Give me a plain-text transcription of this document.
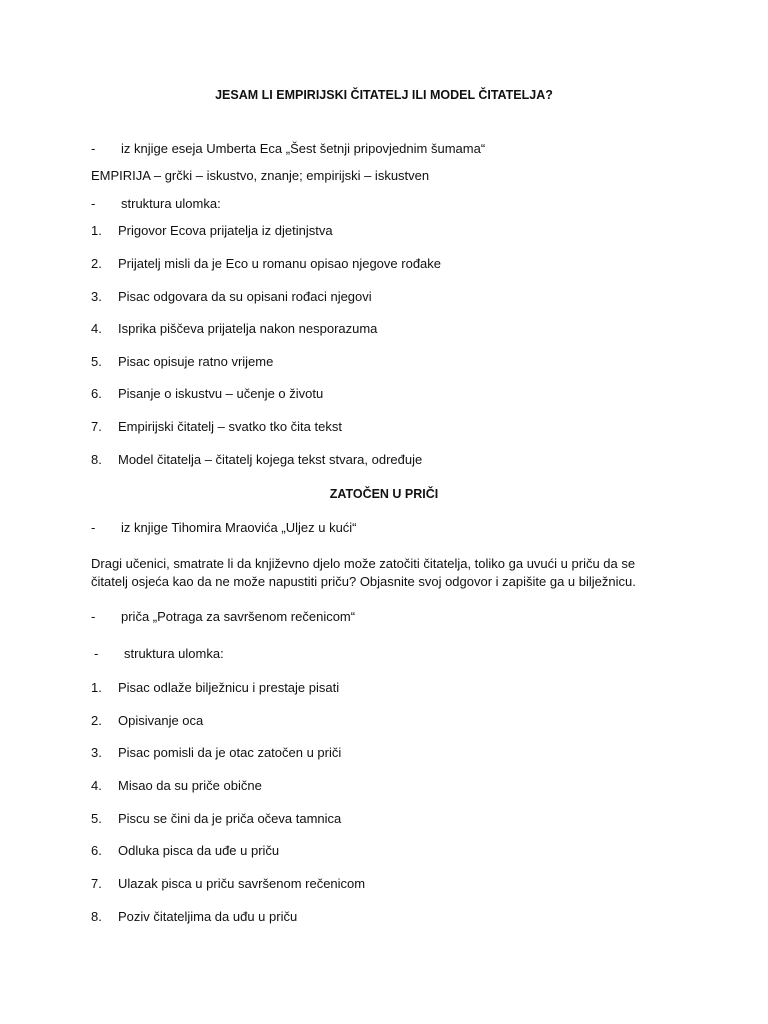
JESAM LI EMPIRIJSKI ČITATELJ ILI MODEL ČITATELJA?
- iz knjige eseja Umberta Eca „Šest šetnji pripovjednim šumama“
EMPIRIJA – grčki – iskustvo, znanje; empirijski – iskustven
- struktura ulomka:
1. Prigovor Ecova prijatelja iz djetinjstva
2. Prijatelj misli da je Eco u romanu opisao njegove rođake
3. Pisac odgovara da su opisani rođaci njegovi
4. Isprika piščeva prijatelja nakon nesporazuma
5. Pisac opisuje ratno vrijeme
6. Pisanje o iskustvu – učenje o životu
7. Empirijski čitatelj – svatko tko čita tekst
8. Model čitatelja – čitatelj kojega tekst stvara, određuje
ZATOČEN U PRIČI
- iz knjige Tihomira Mraovića „Uljez u kući“
Dragi učenici, smatrate li da književno djelo može zatočiti čitatelja, toliko ga uvući u priču da se
čitatelj osjeća kao da ne može napustiti priču? Objasnite svoj odgovor i zapišite ga u bilježnicu.
- priča „Potraga za savršenom rečenicom“
- struktura ulomka:
1. Pisac odlaže bilježnicu i prestaje pisati
2. Opisivanje oca
3. Pisac pomisli da je otac zatočen u priči
4. Misao da su priče obične
5. Piscu se čini da je priča očeva tamnica
6. Odluka pisca da uđe u priču
7. Ulazak pisca u priču savršenom rečenicom
8. Poziv čitateljima da uđu u priču
